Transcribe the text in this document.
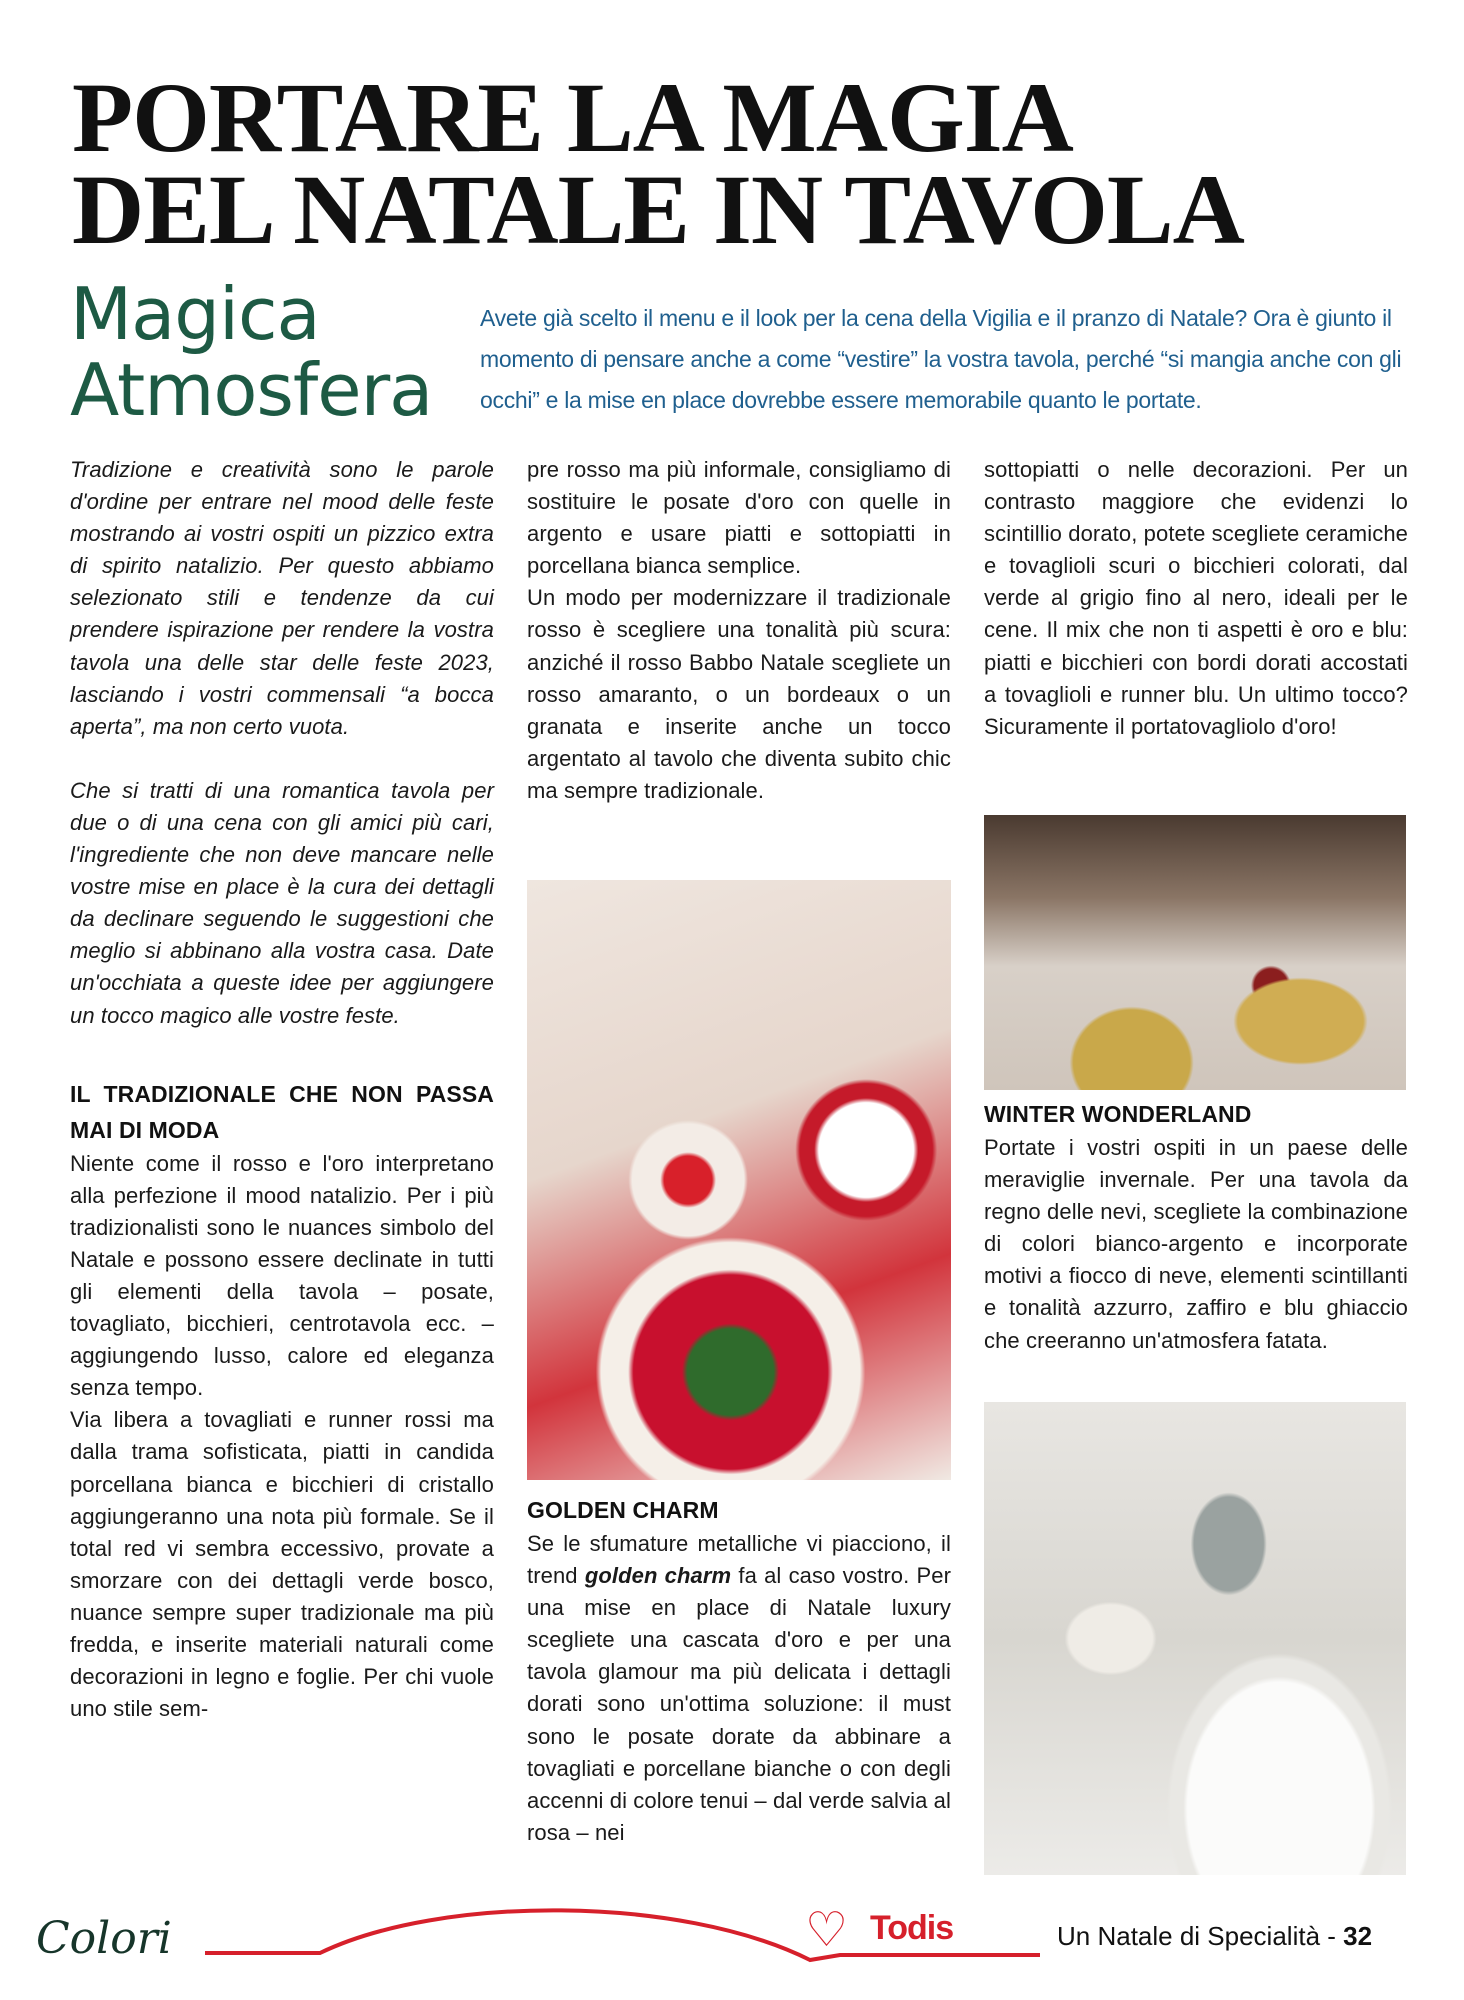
PORTARE LA MAGIA
DEL NATALE IN TAVOLA
Magica
Atmosfera

Avete già scelto il menu e il look per la cena della Vigilia e il pranzo di Natale? Ora è giunto il momento di pensare anche a come “vestire” la vostra tavola, perché “si mangia anche con gli occhi” e la mise en place dovrebbe essere memorabile quanto le portate.

Tradizione e creatività sono le parole d'ordine per entrare nel mood delle feste mostrando ai vostri ospiti un pizzico extra di spirito natalizio. Per questo abbiamo selezionato stili e tendenze da cui prendere ispirazione per rendere la vostra tavola una delle star delle feste 2023, lasciando i vostri commensali “a bocca aperta”, ma non certo vuota.

Che si tratti di una romantica tavola per due o di una cena con gli amici più cari, l'ingrediente che non deve mancare nelle vostre mise en place è la cura dei dettagli da declinare seguendo le suggestioni che meglio si abbinano alla vostra casa. Date un'occhiata a queste idee per aggiungere un tocco magico alle vostre feste.

IL TRADIZIONALE CHE NON PASSA MAI DI MODA

Niente come il rosso e l'oro interpretano alla perfezione il mood natalizio. Per i più tradizionalisti sono le nuances simbolo del Natale e possono essere declinate in tutti gli elementi della tavola – posate, tovagliato, bicchieri, centrotavola ecc. – aggiungendo lusso, calore ed eleganza senza tempo.

Via libera a tovagliati e runner rossi ma dalla trama sofisticata, piatti in candida porcellana bianca e bicchieri di cristallo aggiungeranno una nota più formale. Se il total red vi sembra eccessivo, provate a smorzare con dei dettagli verde bosco, nuance sempre super tradizionale ma più fredda, e inserite materiali naturali come decorazioni in legno e foglie. Per chi vuole uno stile sem-

pre rosso ma più informale, consigliamo di sostituire le posate d'oro con quelle in argento e usare piatti e sottopiatti in porcellana bianca semplice.

Un modo per modernizzare il tradizionale rosso è scegliere una tonalità più scura: anziché il rosso Babbo Natale scegliete un rosso amaranto, o un bordeaux o un granata e inserite anche un tocco argentato al tavolo che diventa subito chic ma sempre tradizionale.

GOLDEN CHARM

Se le sfumature metalliche vi piacciono, il trend golden charm fa al caso vostro. Per una mise en place di Natale luxury scegliete una cascata d'oro e per una tavola glamour ma più delicata i dettagli dorati sono un'ottima soluzione: il must sono le posate dorate da abbinare a tovagliati e porcellane bianche o con degli accenni di colore tenui – dal verde salvia al rosa – nei

sottopiatti o nelle decorazioni. Per un contrasto maggiore che evidenzi lo scintillio dorato, potete scegliete ceramiche e tovaglioli scuri o bicchieri colorati, dal verde al grigio fino al nero, ideali per le cene. Il mix che non ti aspetti è oro e blu: piatti e bicchieri con bordi dorati accostati a tovaglioli e runner blu. Un ultimo tocco? Sicuramente il portatovagliolo d'oro!

WINTER WONDERLAND

Portate i vostri ospiti in un paese delle meraviglie invernale. Per una tavola da regno delle nevi, scegliete la combinazione di colori bianco-argento e incorporate motivi a fiocco di neve, elementi scintillanti e tonalità azzurro, zaffiro e blu ghiaccio che creeranno un'atmosfera fatata.

Colori	♡ Todis	Un Natale di Specialità - 32
